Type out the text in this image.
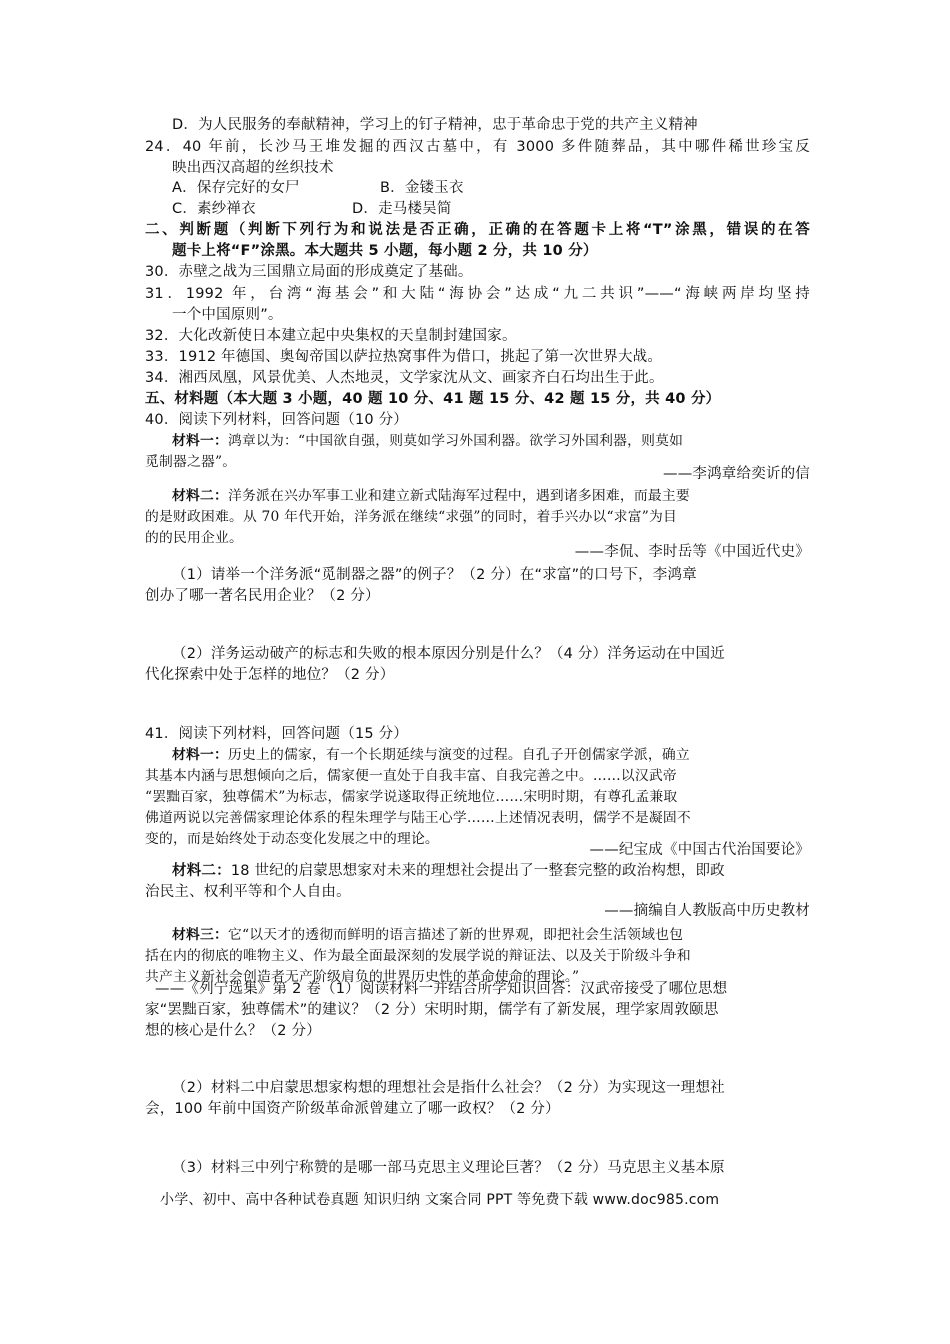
D．为人民服务的奉献精神，学习上的钉子精神，忠于革命忠于党的共产主义精神
24．40 年前，长沙马王堆发掘的西汉古墓中，有 3000 多件随葬品，其中哪件稀世珍宝反
映出西汉高超的丝织技术
A．保存完好的女尸	B．金镂玉衣
C．素纱禅衣	D．走马楼吴简
二、判断题（判断下列行为和说法是否正确，正确的在答题卡上将“T”涂黑，错误的在答
题卡上将“F”涂黑。本大题共 5 小题，每小题 2 分，共 10 分）
30．赤壁之战为三国鼎立局面的形成奠定了基础。
31．1992 年，台湾“海基会”和大陆“海协会”达成“九二共识”——“海峡两岸均坚持
一个中国原则”。
32．大化改新使日本建立起中央集权的天皇制封建国家。
33．1912 年德国、奥匈帝国以萨拉热窝事件为借口，挑起了第一次世界大战。
34．湘西凤凰，风景优美、人杰地灵，文学家沈从文、画家齐白石均出生于此。
五、材料题（本大题 3 小题，40 题 10 分、41 题 15 分、42 题 15 分，共 40 分）
40．阅读下列材料，回答问题（10 分）
材料一：鸿章以为：“中国欲自强，则莫如学习外国利器。欲学习外国利器，则莫如
觅制器之器”。
——李鸿章给奕䜣的信
材料二：洋务派在兴办军事工业和建立新式陆海军过程中，遇到诸多困难，而最主要
的是财政困难。从 70 年代开始，洋务派在继续“求强”的同时，着手兴办以“求富”为目
的的民用企业。
——李侃、李时岳等《中国近代史》
（1）请举一个洋务派“觅制器之器”的例子？（2 分）在“求富”的口号下，李鸿章
创办了哪一著名民用企业？（2 分）
（2）洋务运动破产的标志和失败的根本原因分别是什么？（4 分）洋务运动在中国近
代化探索中处于怎样的地位？（2 分）
41．阅读下列材料，回答问题（15 分）
材料一：历史上的儒家，有一个长期延续与演变的过程。自孔子开创儒家学派，确立
其基本内涵与思想倾向之后，儒家便一直处于自我丰富、自我完善之中。……以汉武帝
“罢黜百家，独尊儒术”为标志，儒家学说遂取得正统地位……宋明时期，有尊孔孟兼取
佛道两说以完善儒家理论体系的程朱理学与陆王心学……上述情况表明，儒学不是凝固不
变的，而是始终处于动态变化发展之中的理论。
——纪宝成《中国古代治国要论》
材料二：18 世纪的启蒙思想家对未来的理想社会提出了一整套完整的政治构想，即政
治民主、权利平等和个人自由。
——摘编自人教版高中历史教材
材料三：它“以天才的透彻而鲜明的语言描述了新的世界观，即把社会生活领域也包
括在内的彻底的唯物主义、作为最全面最深刻的发展学说的辩证法、以及关于阶级斗争和
共产主义新社会创造者无产阶级肩负的世界历史性的革命使命的理论。”
——《列宁选集》第 2 卷（1）阅读材料一并结合所学知识回答：汉武帝接受了哪位思想
家“罢黜百家，独尊儒术”的建议？（2 分）宋明时期，儒学有了新发展，理学家周敦颐思
想的核心是什么？（2 分）
（2）材料二中启蒙思想家构想的理想社会是指什么社会？（2 分）为实现这一理想社
会，100 年前中国资产阶级革命派曾建立了哪一政权？（2 分）
（3）材料三中列宁称赞的是哪一部马克思主义理论巨著？（2 分）马克思主义基本原
小学、初中、高中各种试卷真题 知识归纳 文案合同 PPT 等免费下载 www.doc985.com
